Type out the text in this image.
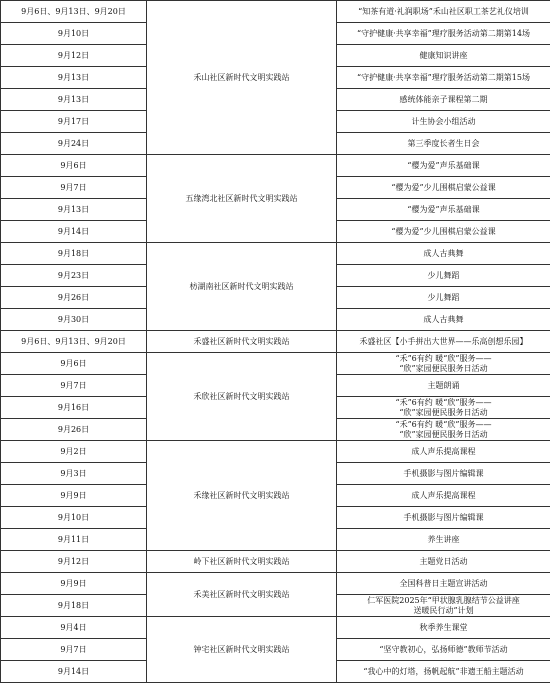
9月6日、9月13日、9月20日	禾山社区新时代文明实践站	“知茶有道·礼润职场”禾山社区职工茶艺礼仪培训
9月10日		“守护健康·共享幸福”理疗服务活动第二期第14场
9月12日		健康知识讲座
9月13日		“守护健康·共享幸福”理疗服务活动第二期第15场
9月13日		感统体能亲子课程第二期
9月17日		计生协会小组活动
9月24日		第三季度长者生日会
9月6日	五缘湾北社区新时代文明实践站	“樱为爱”声乐基础课
9月7日		“樱为爱”少儿围棋启蒙公益课
9月13日		“樱为爱”声乐基础课
9月14日		“樱为爱”少儿围棋启蒙公益课
9月18日	枋湖南社区新时代文明实践站	成人古典舞
9月23日		少儿舞蹈
9月26日		少儿舞蹈
9月30日		成人古典舞
9月6日、9月13日、9月20日	禾盛社区新时代文明实践站	禾盛社区【小手拼出大世界——乐高创想乐园】
9月6日	禾欣社区新时代文明实践站	“禾”6有约 暖“欣”服务——
“欣”家园便民服务日活动
9月7日		主题朗诵
9月16日		“禾”6有约 暖“欣”服务——
“欣”家园便民服务日活动
9月26日		“禾”6有约 暖“欣”服务——
“欣”家园便民服务日活动
9月2日	禾缘社区新时代文明实践站	成人声乐提高课程
9月3日		手机摄影与图片编辑课
9月9日		成人声乐提高课程
9月10日		手机摄影与图片编辑课
9月11日		养生讲座
9月12日	岭下社区新时代文明实践站	主题党日活动
9月9日	禾美社区新时代文明实践站	全国科普日主题宣讲活动
9月18日		仁军医院2025年“甲状腺乳腺结节公益讲座
送暖民行动”计划
9月4日	钟宅社区新时代文明实践站	秋季养生课堂
9月7日		“坚守教初心，弘扬师德”教师节活动
9月14日		“我心中的灯塔，扬帆起航”非遗王船主题活动
